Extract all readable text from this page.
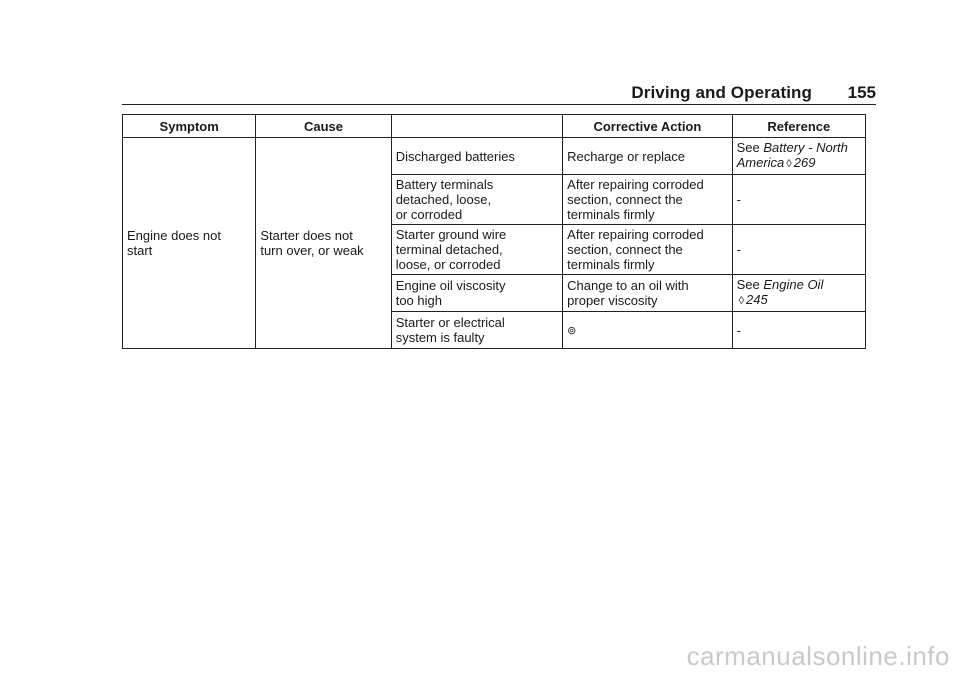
Driving and Operating 155
Symptom	Cause		Corrective Action	Reference
Engine does not
start	Starter does not
turn over, or weak	Discharged batteries	Recharge or replace	See Battery - North
America ◊ 269
		Battery terminals
detached, loose,
or corroded	After repairing corroded
section, connect the
terminals firmly	-
		Starter ground wire
terminal detached,
loose, or corroded	After repairing corroded
section, connect the
terminals firmly	-
		Engine oil viscosity
too high	Change to an oil with
proper viscosity	See Engine Oil
◊ 245
		Starter or electrical
system is faulty	⊚	-
carmanualsonline.info
